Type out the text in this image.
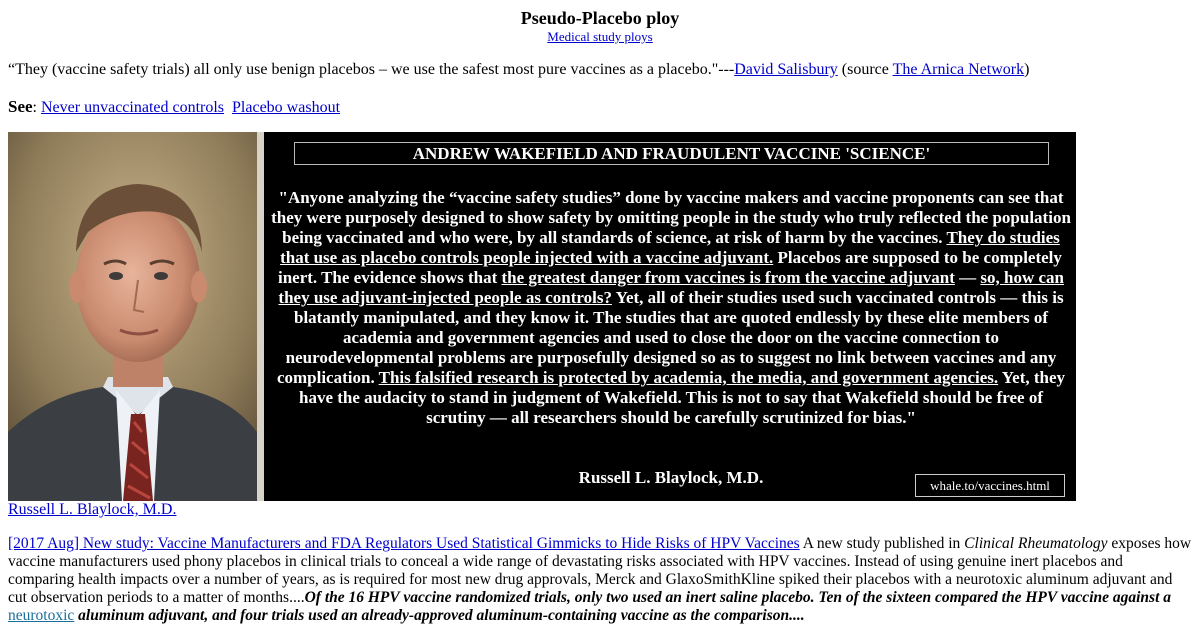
Pseudo-Placebo ploy
Medical study ploys
“They (vaccine safety trials) all only use benign placebos – we use the safest most pure vaccines as a placebo."---David Salisbury (source The Arnica Network)
See: Never unvaccinated controls Placebo washout
ANDREW WAKEFIELD AND FRAUDULENT VACCINE 'SCIENCE'
"Anyone analyzing the “vaccine safety studies” done by vaccine makers and vaccine proponents can see that they were purposely designed to show safety by omitting people in the study who truly reflected the population being vaccinated and who were, by all standards of science, at risk of harm by the vaccines. They do studies that use as placebo controls people injected with a vaccine adjuvant. Placebos are supposed to be completely inert. The evidence shows that the greatest danger from vaccines is from the vaccine adjuvant — so, how can they use adjuvant-injected people as controls? Yet, all of their studies used such vaccinated controls — this is blatantly manipulated, and they know it. The studies that are quoted endlessly by these elite members of academia and government agencies and used to close the door on the vaccine connection to neurodevelopmental problems are purposefully designed so as to suggest no link between vaccines and any complication. This falsified research is protected by academia, the media, and government agencies. Yet, they have the audacity to stand in judgment of Wakefield. This is not to say that Wakefield should be free of scrutiny — all researchers should be carefully scrutinized for bias."
Russell L. Blaylock, M.D.	whale.to/vaccines.html
Russell L. Blaylock, M.D.
[2017 Aug] New study: Vaccine Manufacturers and FDA Regulators Used Statistical Gimmicks to Hide Risks of HPV Vaccines A new study published in Clinical Rheumatology exposes how vaccine manufacturers used phony placebos in clinical trials to conceal a wide range of devastating risks associated with HPV vaccines. Instead of using genuine inert placebos and comparing health impacts over a number of years, as is required for most new drug approvals, Merck and GlaxoSmithKline spiked their placebos with a neurotoxic aluminum adjuvant and cut observation periods to a matter of months....Of the 16 HPV vaccine randomized trials, only two used an inert saline placebo. Ten of the sixteen compared the HPV vaccine against a neurotoxic aluminum adjuvant, and four trials used an already-approved aluminum-containing vaccine as the comparison....
